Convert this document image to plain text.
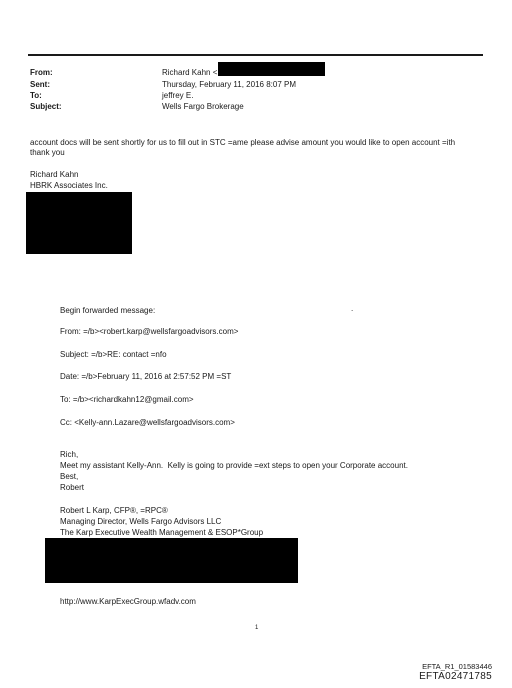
From:	Richard Kahn <
Sent:	Thursday, February 11, 2016 8:07 PM
To:	jeffrey E.
Subject:	Wells Fargo Brokerage
account docs will be sent shortly for us to fill out in STC =ame please advise amount you would like to open account =ith
thank you
Richard Kahn
HBRK Associates Inc.
Begin forwarded message:	.
From: =/b><robert.karp@wellsfargoadvisors.com>
Subject: =/b>RE: contact =nfo
Date: =/b>February 11, 2016 at 2:57:52 PM =ST
To: =/b><richardkahn12@gmail.com>
Cc: <Kelly-ann.Lazare@wellsfargoadvisors.com>
Rich,
Meet my assistant Kelly-Ann.  Kelly is going to provide =ext steps to open your Corporate account.
Best,
Robert
Robert L Karp, CFP®, =RPC®
Managing Director, Wells Fargo Advisors LLC
The Karp Executive Wealth Management & ESOP*Group
http://www.KarpExecGroup.wfadv.com
1
EFTA_R1_01583446
EFTA02471785
